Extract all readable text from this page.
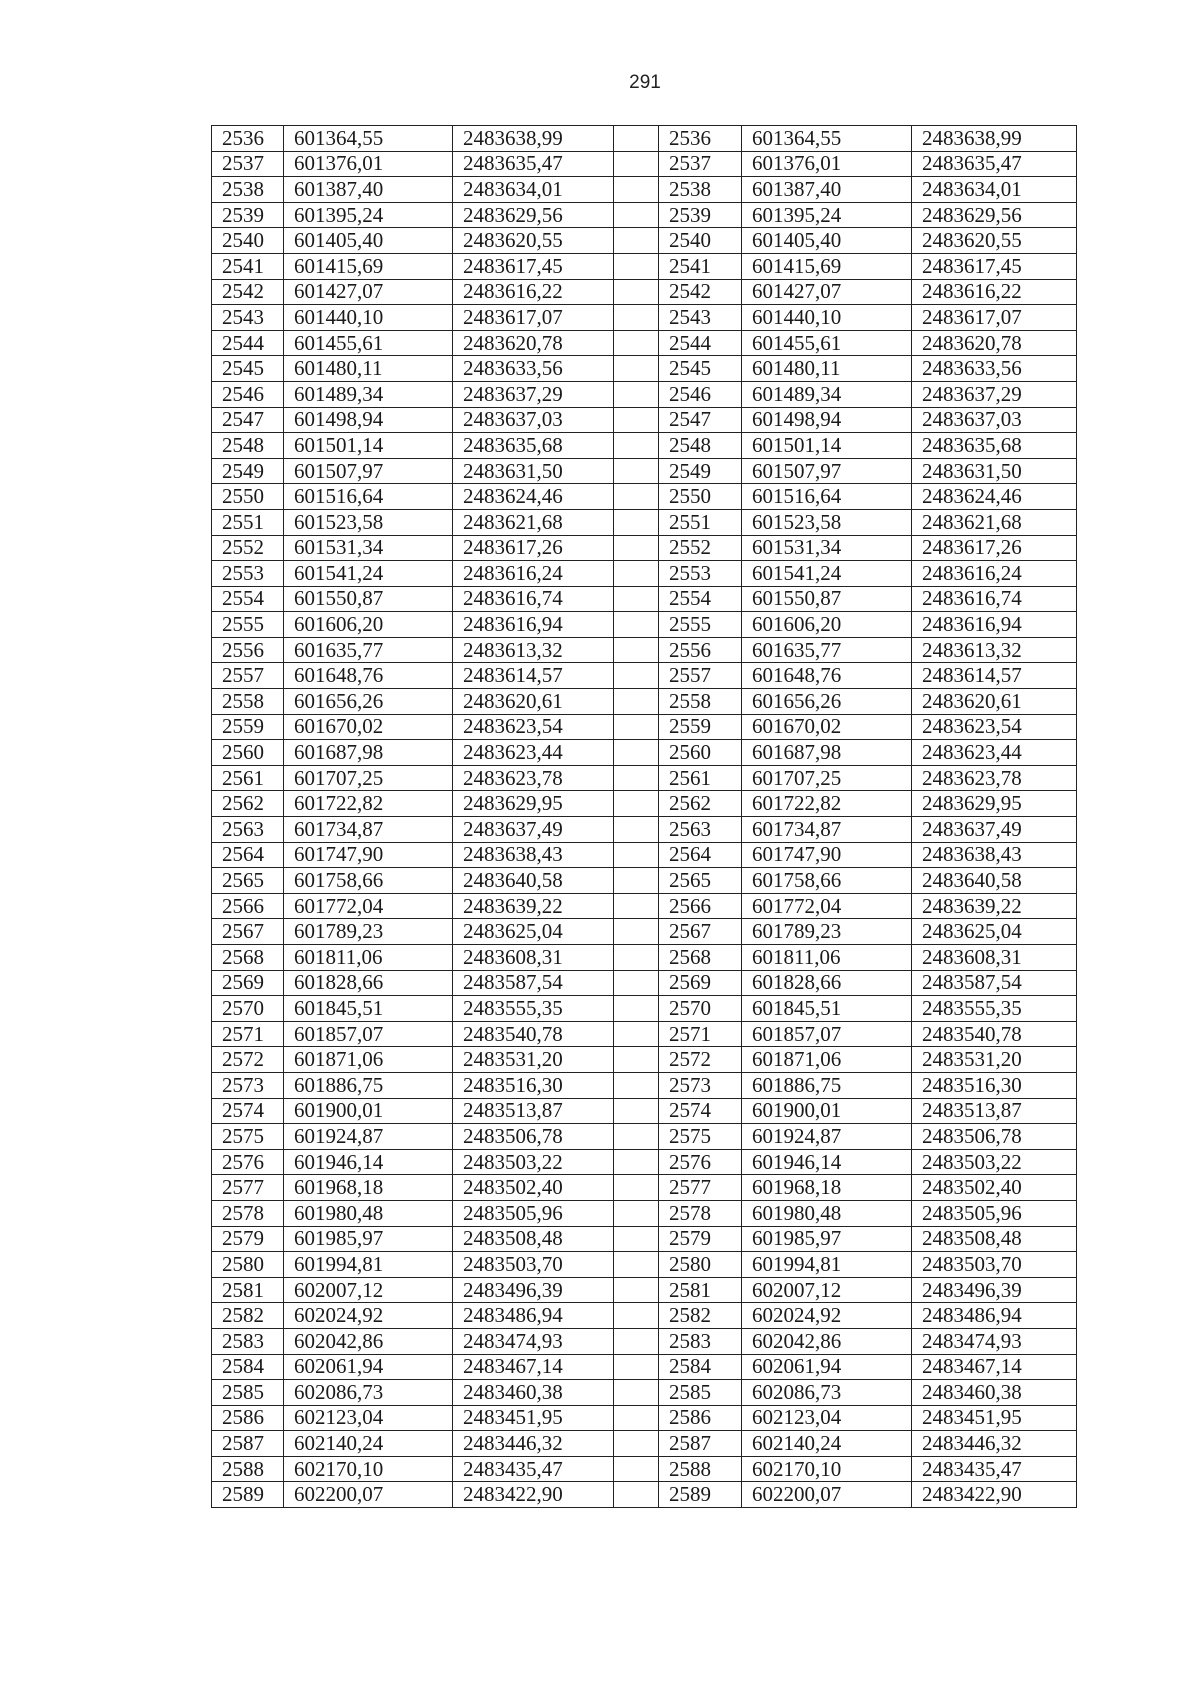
291
2536	601364,55	2483638,99		2536	601364,55	2483638,99
2537	601376,01	2483635,47		2537	601376,01	2483635,47
2538	601387,40	2483634,01		2538	601387,40	2483634,01
2539	601395,24	2483629,56		2539	601395,24	2483629,56
2540	601405,40	2483620,55		2540	601405,40	2483620,55
2541	601415,69	2483617,45		2541	601415,69	2483617,45
2542	601427,07	2483616,22		2542	601427,07	2483616,22
2543	601440,10	2483617,07		2543	601440,10	2483617,07
2544	601455,61	2483620,78		2544	601455,61	2483620,78
2545	601480,11	2483633,56		2545	601480,11	2483633,56
2546	601489,34	2483637,29		2546	601489,34	2483637,29
2547	601498,94	2483637,03		2547	601498,94	2483637,03
2548	601501,14	2483635,68		2548	601501,14	2483635,68
2549	601507,97	2483631,50		2549	601507,97	2483631,50
2550	601516,64	2483624,46		2550	601516,64	2483624,46
2551	601523,58	2483621,68		2551	601523,58	2483621,68
2552	601531,34	2483617,26		2552	601531,34	2483617,26
2553	601541,24	2483616,24		2553	601541,24	2483616,24
2554	601550,87	2483616,74		2554	601550,87	2483616,74
2555	601606,20	2483616,94		2555	601606,20	2483616,94
2556	601635,77	2483613,32		2556	601635,77	2483613,32
2557	601648,76	2483614,57		2557	601648,76	2483614,57
2558	601656,26	2483620,61		2558	601656,26	2483620,61
2559	601670,02	2483623,54		2559	601670,02	2483623,54
2560	601687,98	2483623,44		2560	601687,98	2483623,44
2561	601707,25	2483623,78		2561	601707,25	2483623,78
2562	601722,82	2483629,95		2562	601722,82	2483629,95
2563	601734,87	2483637,49		2563	601734,87	2483637,49
2564	601747,90	2483638,43		2564	601747,90	2483638,43
2565	601758,66	2483640,58		2565	601758,66	2483640,58
2566	601772,04	2483639,22		2566	601772,04	2483639,22
2567	601789,23	2483625,04		2567	601789,23	2483625,04
2568	601811,06	2483608,31		2568	601811,06	2483608,31
2569	601828,66	2483587,54		2569	601828,66	2483587,54
2570	601845,51	2483555,35		2570	601845,51	2483555,35
2571	601857,07	2483540,78		2571	601857,07	2483540,78
2572	601871,06	2483531,20		2572	601871,06	2483531,20
2573	601886,75	2483516,30		2573	601886,75	2483516,30
2574	601900,01	2483513,87		2574	601900,01	2483513,87
2575	601924,87	2483506,78		2575	601924,87	2483506,78
2576	601946,14	2483503,22		2576	601946,14	2483503,22
2577	601968,18	2483502,40		2577	601968,18	2483502,40
2578	601980,48	2483505,96		2578	601980,48	2483505,96
2579	601985,97	2483508,48		2579	601985,97	2483508,48
2580	601994,81	2483503,70		2580	601994,81	2483503,70
2581	602007,12	2483496,39		2581	602007,12	2483496,39
2582	602024,92	2483486,94		2582	602024,92	2483486,94
2583	602042,86	2483474,93		2583	602042,86	2483474,93
2584	602061,94	2483467,14		2584	602061,94	2483467,14
2585	602086,73	2483460,38		2585	602086,73	2483460,38
2586	602123,04	2483451,95		2586	602123,04	2483451,95
2587	602140,24	2483446,32		2587	602140,24	2483446,32
2588	602170,10	2483435,47		2588	602170,10	2483435,47
2589	602200,07	2483422,90		2589	602200,07	2483422,90
